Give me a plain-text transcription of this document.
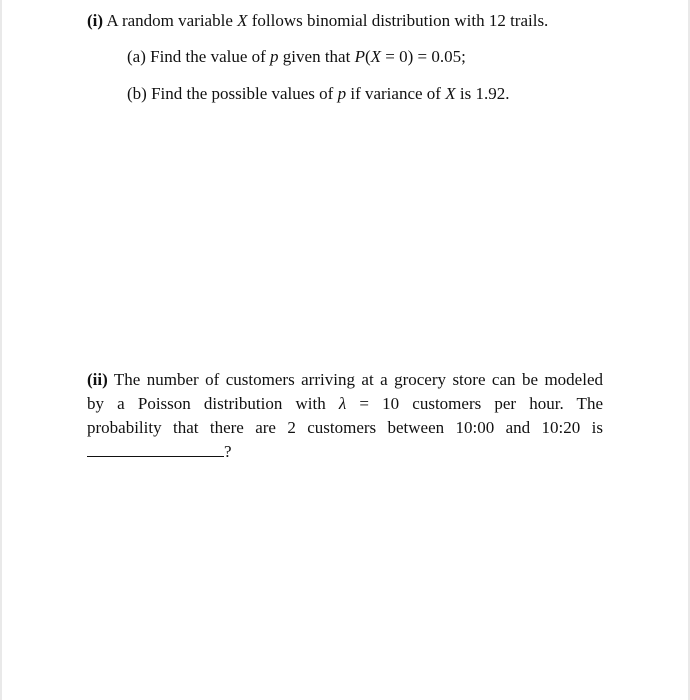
(i) A random variable X follows binomial distribution with 12 trails.
(a) Find the value of p given that P(X = 0) = 0.05;
(b) Find the possible values of p if variance of X is 1.92.
(ii) The number of customers arriving at a grocery store can be modeled
by a Poisson distribution with λ = 10 customers per hour. The
probability that there are 2 customers between 10:00 and 10:20 is
?
